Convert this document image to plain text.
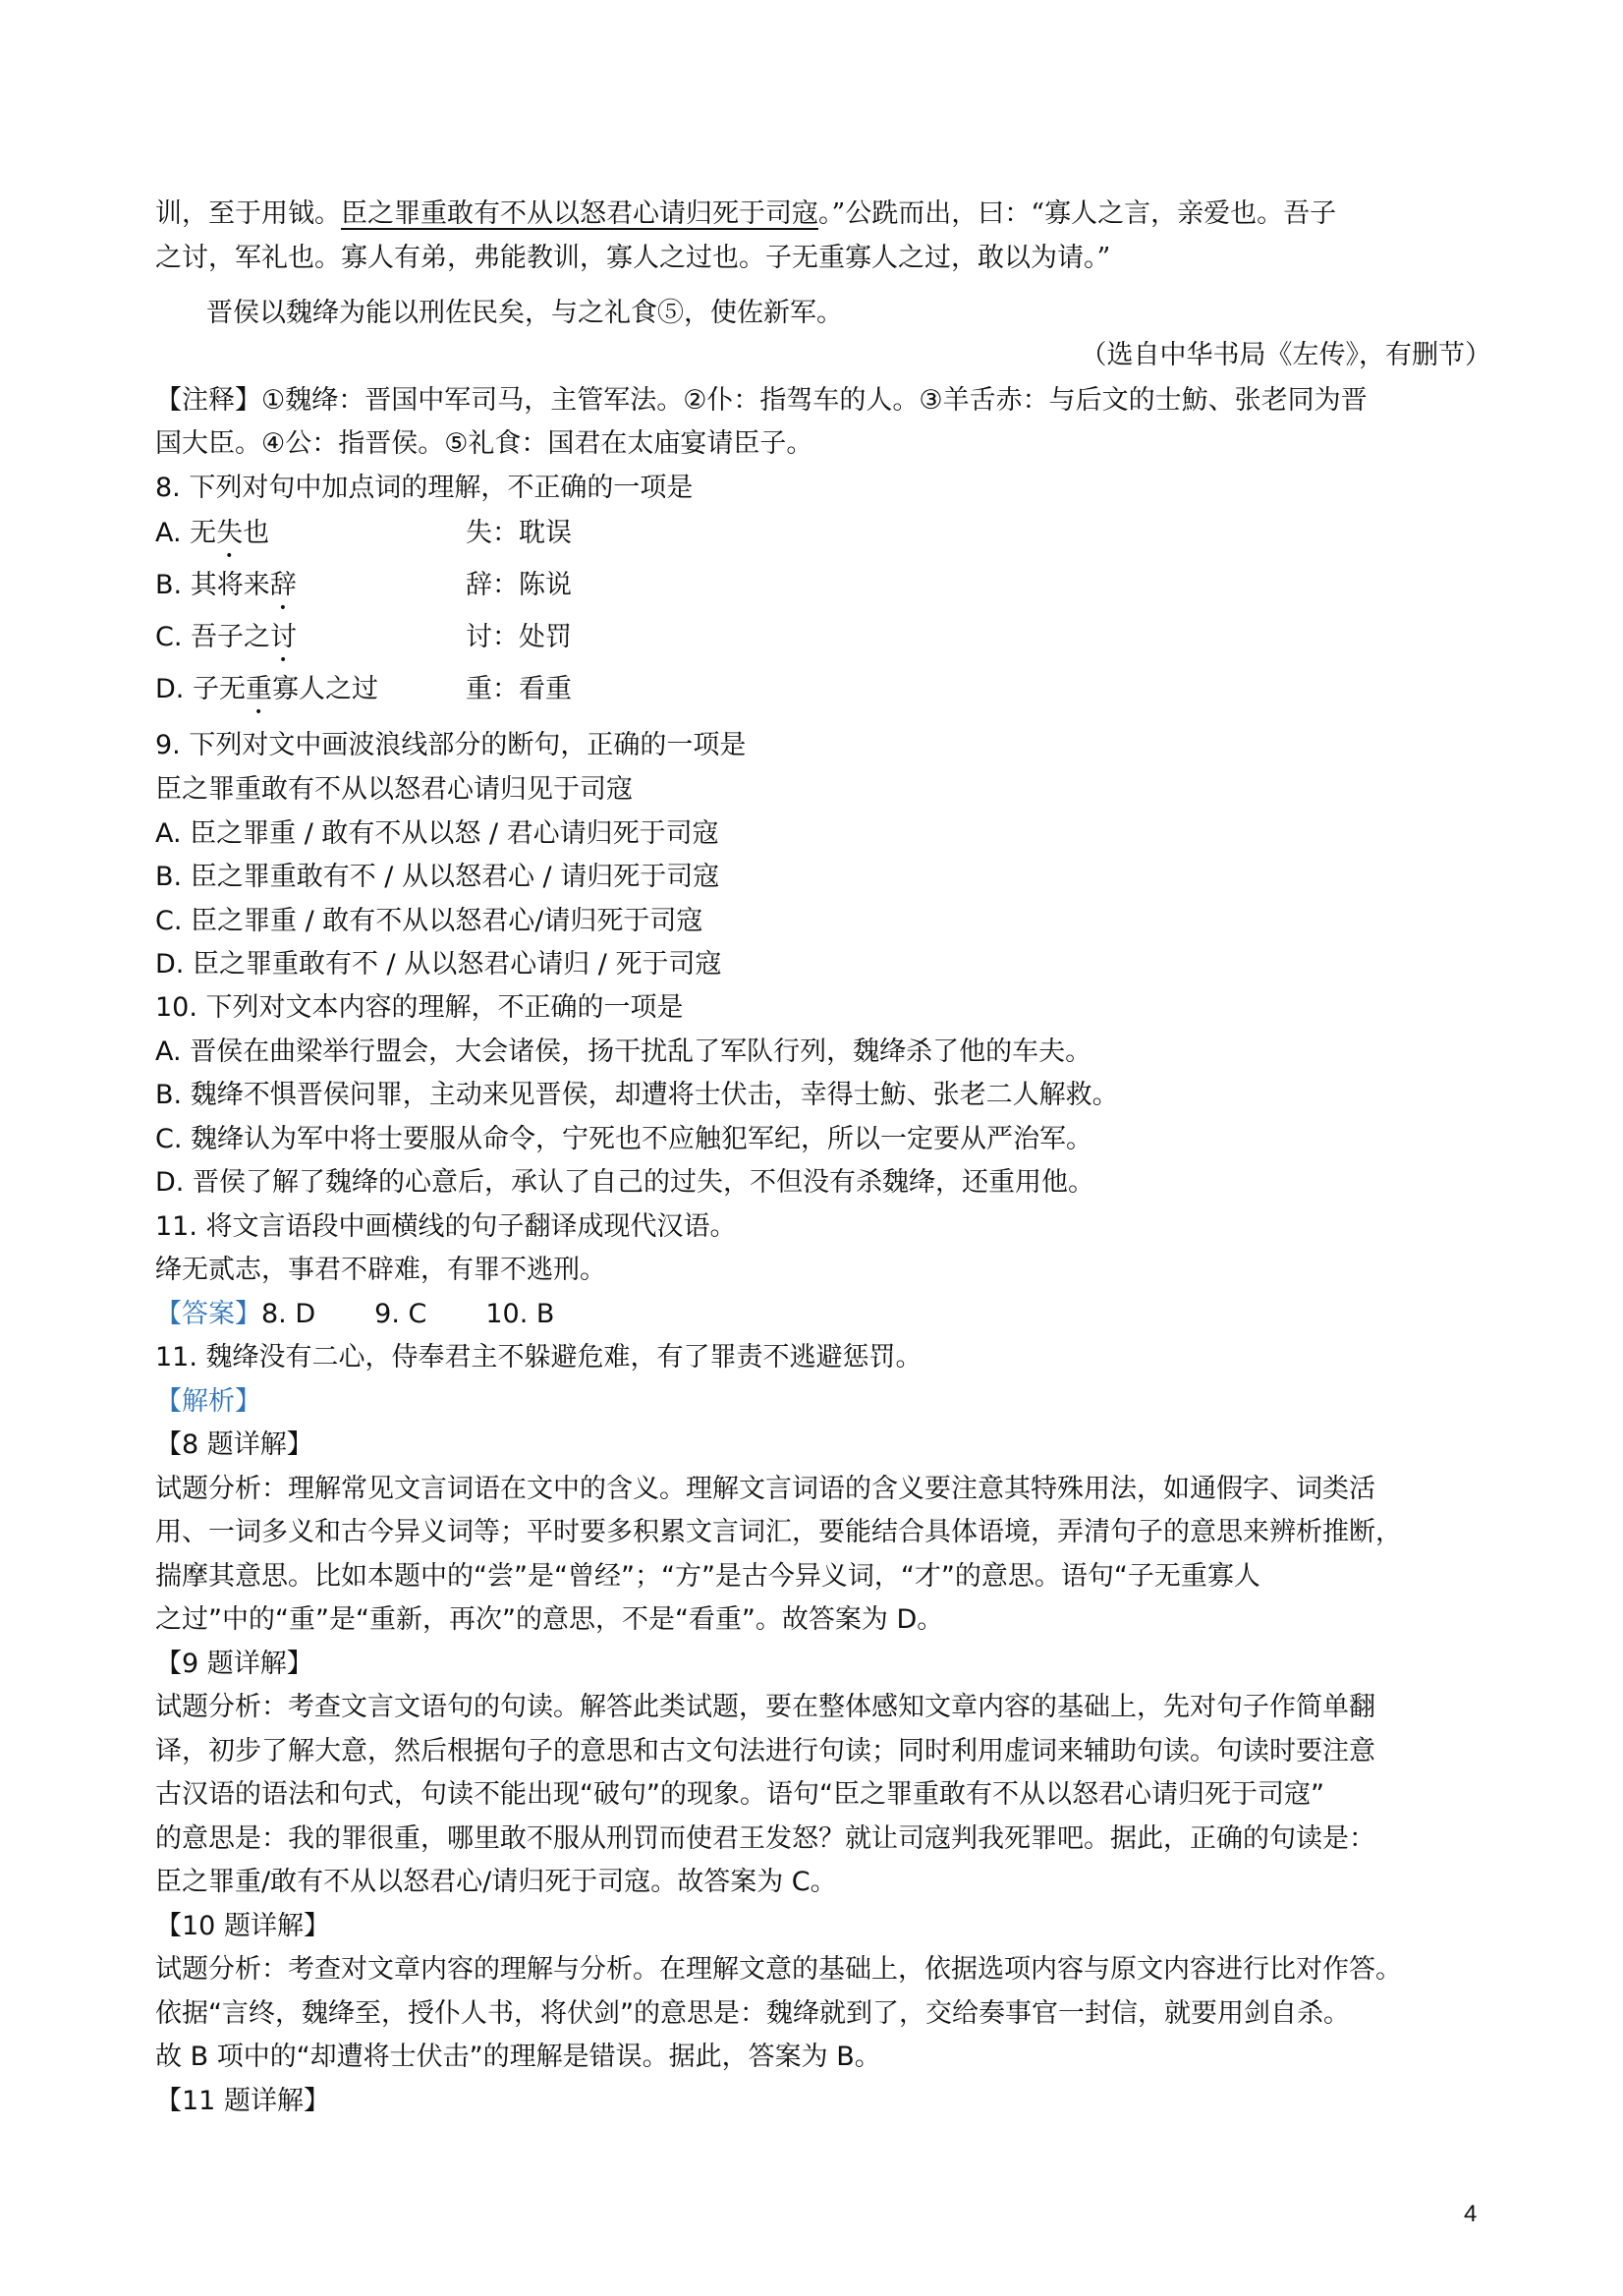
训，至于用钺。臣之罪重敢有不从以怒君心请归死于司寇。”公跣而出，曰：“寡人之言，亲爱也。吾子
之讨，军礼也。寡人有弟，弗能教训，寡人之过也。子无重寡人之过，敢以为请。”
晋侯以魏绛为能以刑佐民矣，与之礼食⑤，使佐新军。
（选自中华书局《左传》，有删节）
【注释】①魏绛：晋国中军司马，主管军法。②仆：指驾车的人。③羊舌赤：与后文的士魴、张老同为晋
国大臣。④公：指晋侯。⑤礼食：国君在太庙宴请臣子。
8. 下列对句中加点词的理解，不正确的一项是
A. 无失也	失：耽误
B. 其将来辞	辞：陈说
C. 吾子之讨	讨：处罚
D. 子无重寡人之过	重：看重
9. 下列对文中画波浪线部分的断句，正确的一项是
臣之罪重敢有不从以怒君心请归见于司寇
A. 臣之罪重 / 敢有不从以怒 / 君心请归死于司寇
B. 臣之罪重敢有不 / 从以怒君心 / 请归死于司寇
C. 臣之罪重 / 敢有不从以怒君心/请归死于司寇
D. 臣之罪重敢有不 / 从以怒君心请归 / 死于司寇
10. 下列对文本内容的理解，不正确的一项是
A. 晋侯在曲梁举行盟会，大会诸侯，扬干扰乱了军队行列，魏绛杀了他的车夫。
B. 魏绛不惧晋侯问罪，主动来见晋侯，却遭将士伏击，幸得士魴、张老二人解救。
C. 魏绛认为军中将士要服从命令，宁死也不应触犯军纪，所以一定要从严治军。
D. 晋侯了解了魏绛的心意后，承认了自己的过失，不但没有杀魏绛，还重用他。
11. 将文言语段中画横线的句子翻译成现代汉语。
绛无贰志，事君不辟难，有罪不逃刑。
【答案】8. D 9. C 10. B
11. 魏绛没有二心，侍奉君主不躲避危难，有了罪责不逃避惩罚。
【解析】
【8 题详解】
试题分析：理解常见文言词语在文中的含义。理解文言词语的含义要注意其特殊用法，如通假字、词类活
用、一词多义和古今异义词等；平时要多积累文言词汇，要能结合具体语境，弄清句子的意思来辨析推断，
揣摩其意思。比如本题中的“尝”是“曾经”；“方”是古今异义词，“才”的意思。语句“子无重寡人
之过”中的“重”是“重新，再次”的意思，不是“看重”。故答案为 D。
【9 题详解】
试题分析：考查文言文语句的句读。解答此类试题，要在整体感知文章内容的基础上，先对句子作简单翻
译，初步了解大意，然后根据句子的意思和古文句法进行句读；同时利用虚词来辅助句读。句读时要注意
古汉语的语法和句式，句读不能出现“破句”的现象。语句“臣之罪重敢有不从以怒君心请归死于司寇”
的意思是：我的罪很重，哪里敢不服从刑罚而使君王发怒？就让司寇判我死罪吧。据此，正确的句读是：
臣之罪重/敢有不从以怒君心/请归死于司寇。故答案为 C。
【10 题详解】
试题分析：考查对文章内容的理解与分析。在理解文意的基础上，依据选项内容与原文内容进行比对作答。
依据“言终，魏绛至，授仆人书，将伏剑”的意思是：魏绛就到了，交给奏事官一封信，就要用剑自杀。
故 B 项中的“却遭将士伏击”的理解是错误。据此，答案为 B。
【11 题详解】
4
